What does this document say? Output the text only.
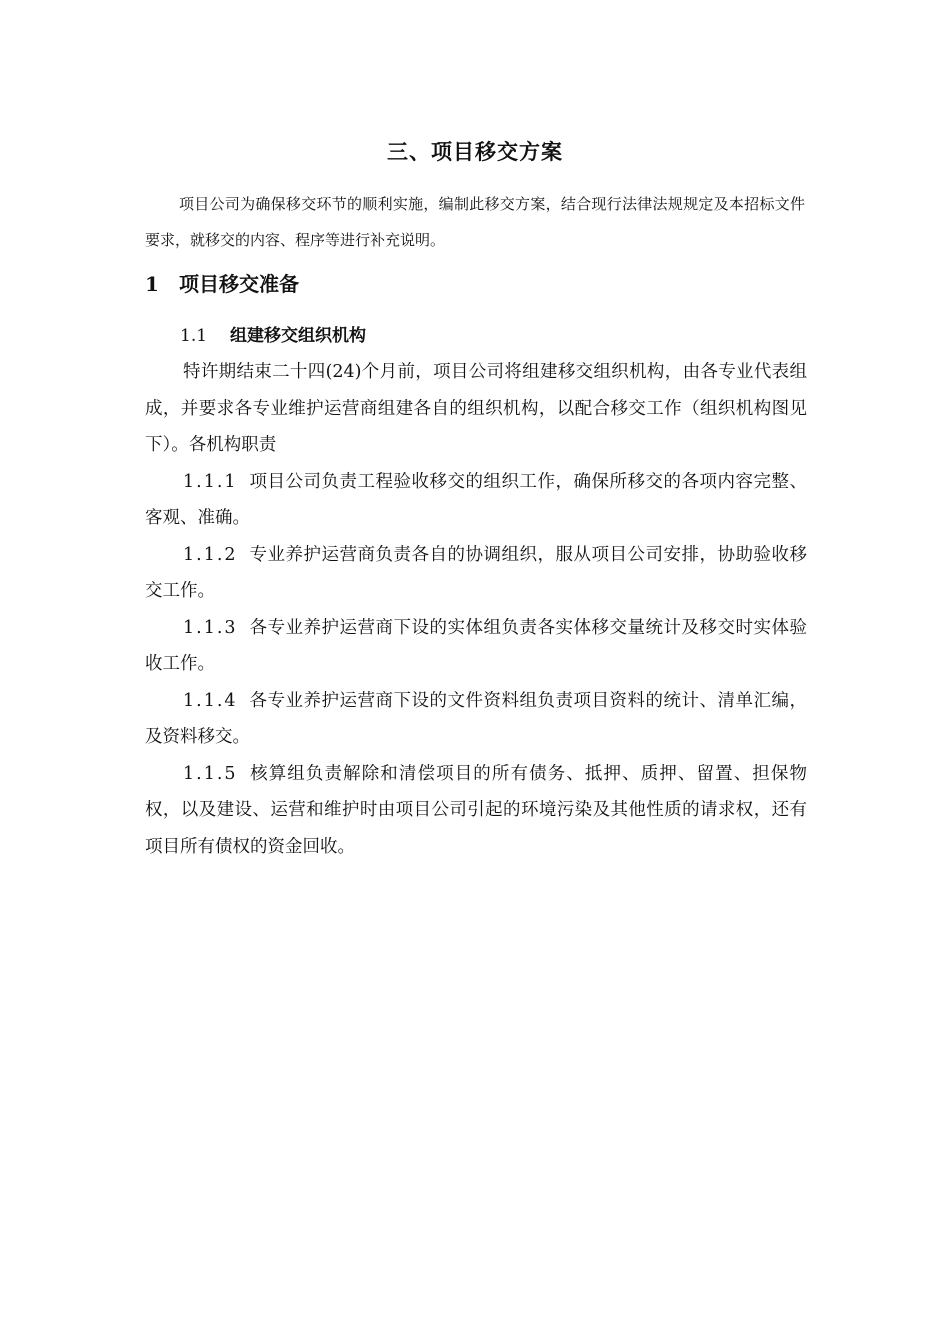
三、项目移交方案

项目公司为确保移交环节的顺利实施，编制此移交方案，结合现行法律法规规定及本招标文件要求，就移交的内容、程序等进行补充说明。

1 项目移交准备
1.1 组建移交组织机构

特许期结束二十四(24)个月前，项目公司将组建移交组织机构，由各专业代表组成，并要求各专业维护运营商组建各自的组织机构，以配合移交工作（组织机构图见下）。各机构职责

1.1.1 项目公司负责工程验收移交的组织工作，确保所移交的各项内容完整、客观、准确。

1.1.2 专业养护运营商负责各自的协调组织，服从项目公司安排，协助验收移交工作。

1.1.3 各专业养护运营商下设的实体组负责各实体移交量统计及移交时实体验收工作。

1.1.4 各专业养护运营商下设的文件资料组负责项目资料的统计、清单汇编，及资料移交。

1.1.5 核算组负责解除和清偿项目的所有债务、抵押、质押、留置、担保物权，以及建设、运营和维护时由项目公司引起的环境污染及其他性质的请求权，还有项目所有债权的资金回收。
